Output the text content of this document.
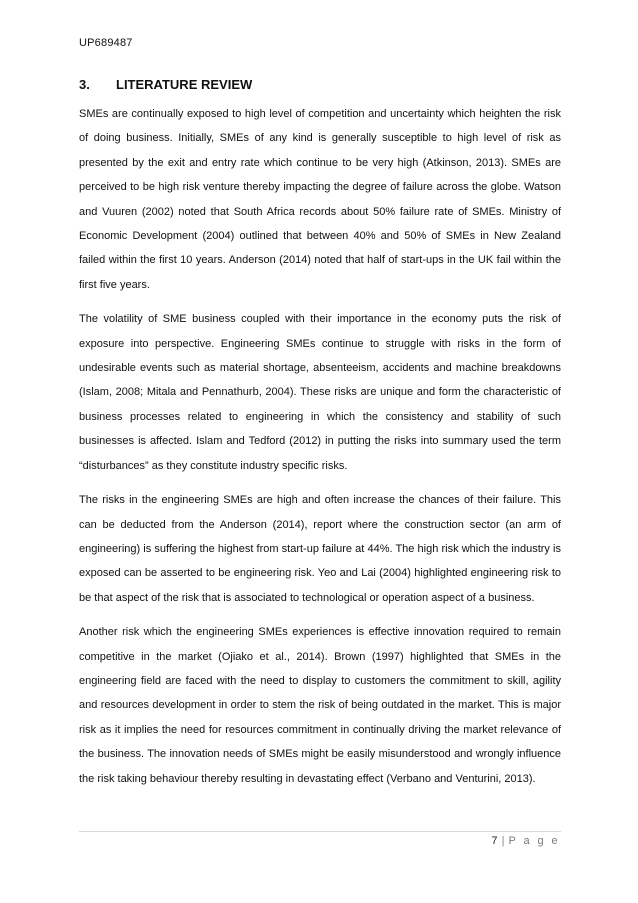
UP689487
3.	LITERATURE REVIEW

SMEs are continually exposed to high level of competition and uncertainty which heighten the risk of doing business. Initially, SMEs of any kind is generally susceptible to high level of risk as presented by the exit and entry rate which continue to be very high (Atkinson, 2013). SMEs are perceived to be high risk venture thereby impacting the degree of failure across the globe. Watson and Vuuren (2002) noted that South Africa records about 50% failure rate of SMEs. Ministry of Economic Development (2004) outlined that between 40% and 50% of SMEs in New Zealand failed within the first 10 years. Anderson (2014) noted that half of start-ups in the UK fail within the first five years.

The volatility of SME business coupled with their importance in the economy puts the risk of exposure into perspective. Engineering SMEs continue to struggle with risks in the form of undesirable events such as material shortage, absenteeism, accidents and machine breakdowns (Islam, 2008; Mitala and Pennathurb, 2004). These risks are unique and form the characteristic of business processes related to engineering in which the consistency and stability of such businesses is affected. Islam and Tedford (2012) in putting the risks into summary used the term “disturbances” as they constitute industry specific risks.

The risks in the engineering SMEs are high and often increase the chances of their failure. This can be deducted from the Anderson (2014), report where the construction sector (an arm of engineering) is suffering the highest from start-up failure at 44%. The high risk which the industry is exposed can be asserted to be engineering risk. Yeo and Lai (2004) highlighted engineering risk to be that aspect of the risk that is associated to technological or operation aspect of a business.

Another risk which the engineering SMEs experiences is effective innovation required to remain competitive in the market (Ojiako et al., 2014). Brown (1997) highlighted that SMEs in the engineering field are faced with the need to display to customers the commitment to skill, agility and resources development in order to stem the risk of being outdated in the market. This is major risk as it implies the need for resources commitment in continually driving the market relevance of the business. The innovation needs of SMEs might be easily misunderstood and wrongly influence the risk taking behaviour thereby resulting in devastating effect (Verbano and Venturini, 2013).

7 | P a g e
